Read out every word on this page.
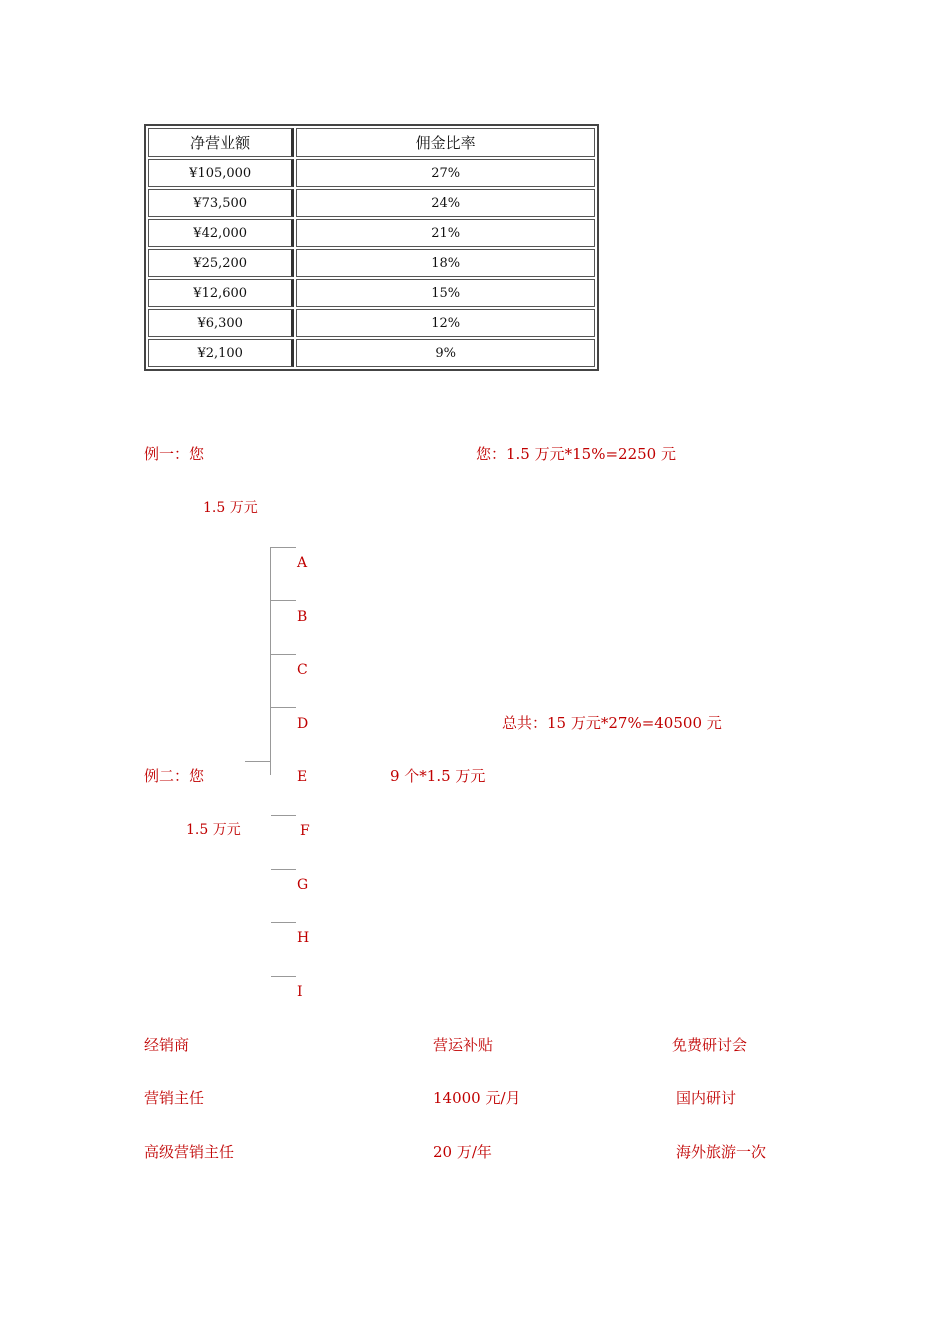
净营业额	佣金比率
¥105,000	27%
¥73,500	24%
¥42,000	21%
¥25,200	18%
¥12,600	15%
¥6,300	12%
¥2,100	9%
例一：您	您：1.5 万元*15%=2250 元
1.5 万元
A
B
C
D
E
F
G
H
I
总共：15 万元*27%=40500 元
例二：您	9 个*1.5 万元
1.5 万元
经销商	营运补贴	免费研讨会
营销主任	14000 元/月	国内研讨
高级营销主任	20 万/年	海外旅游一次
